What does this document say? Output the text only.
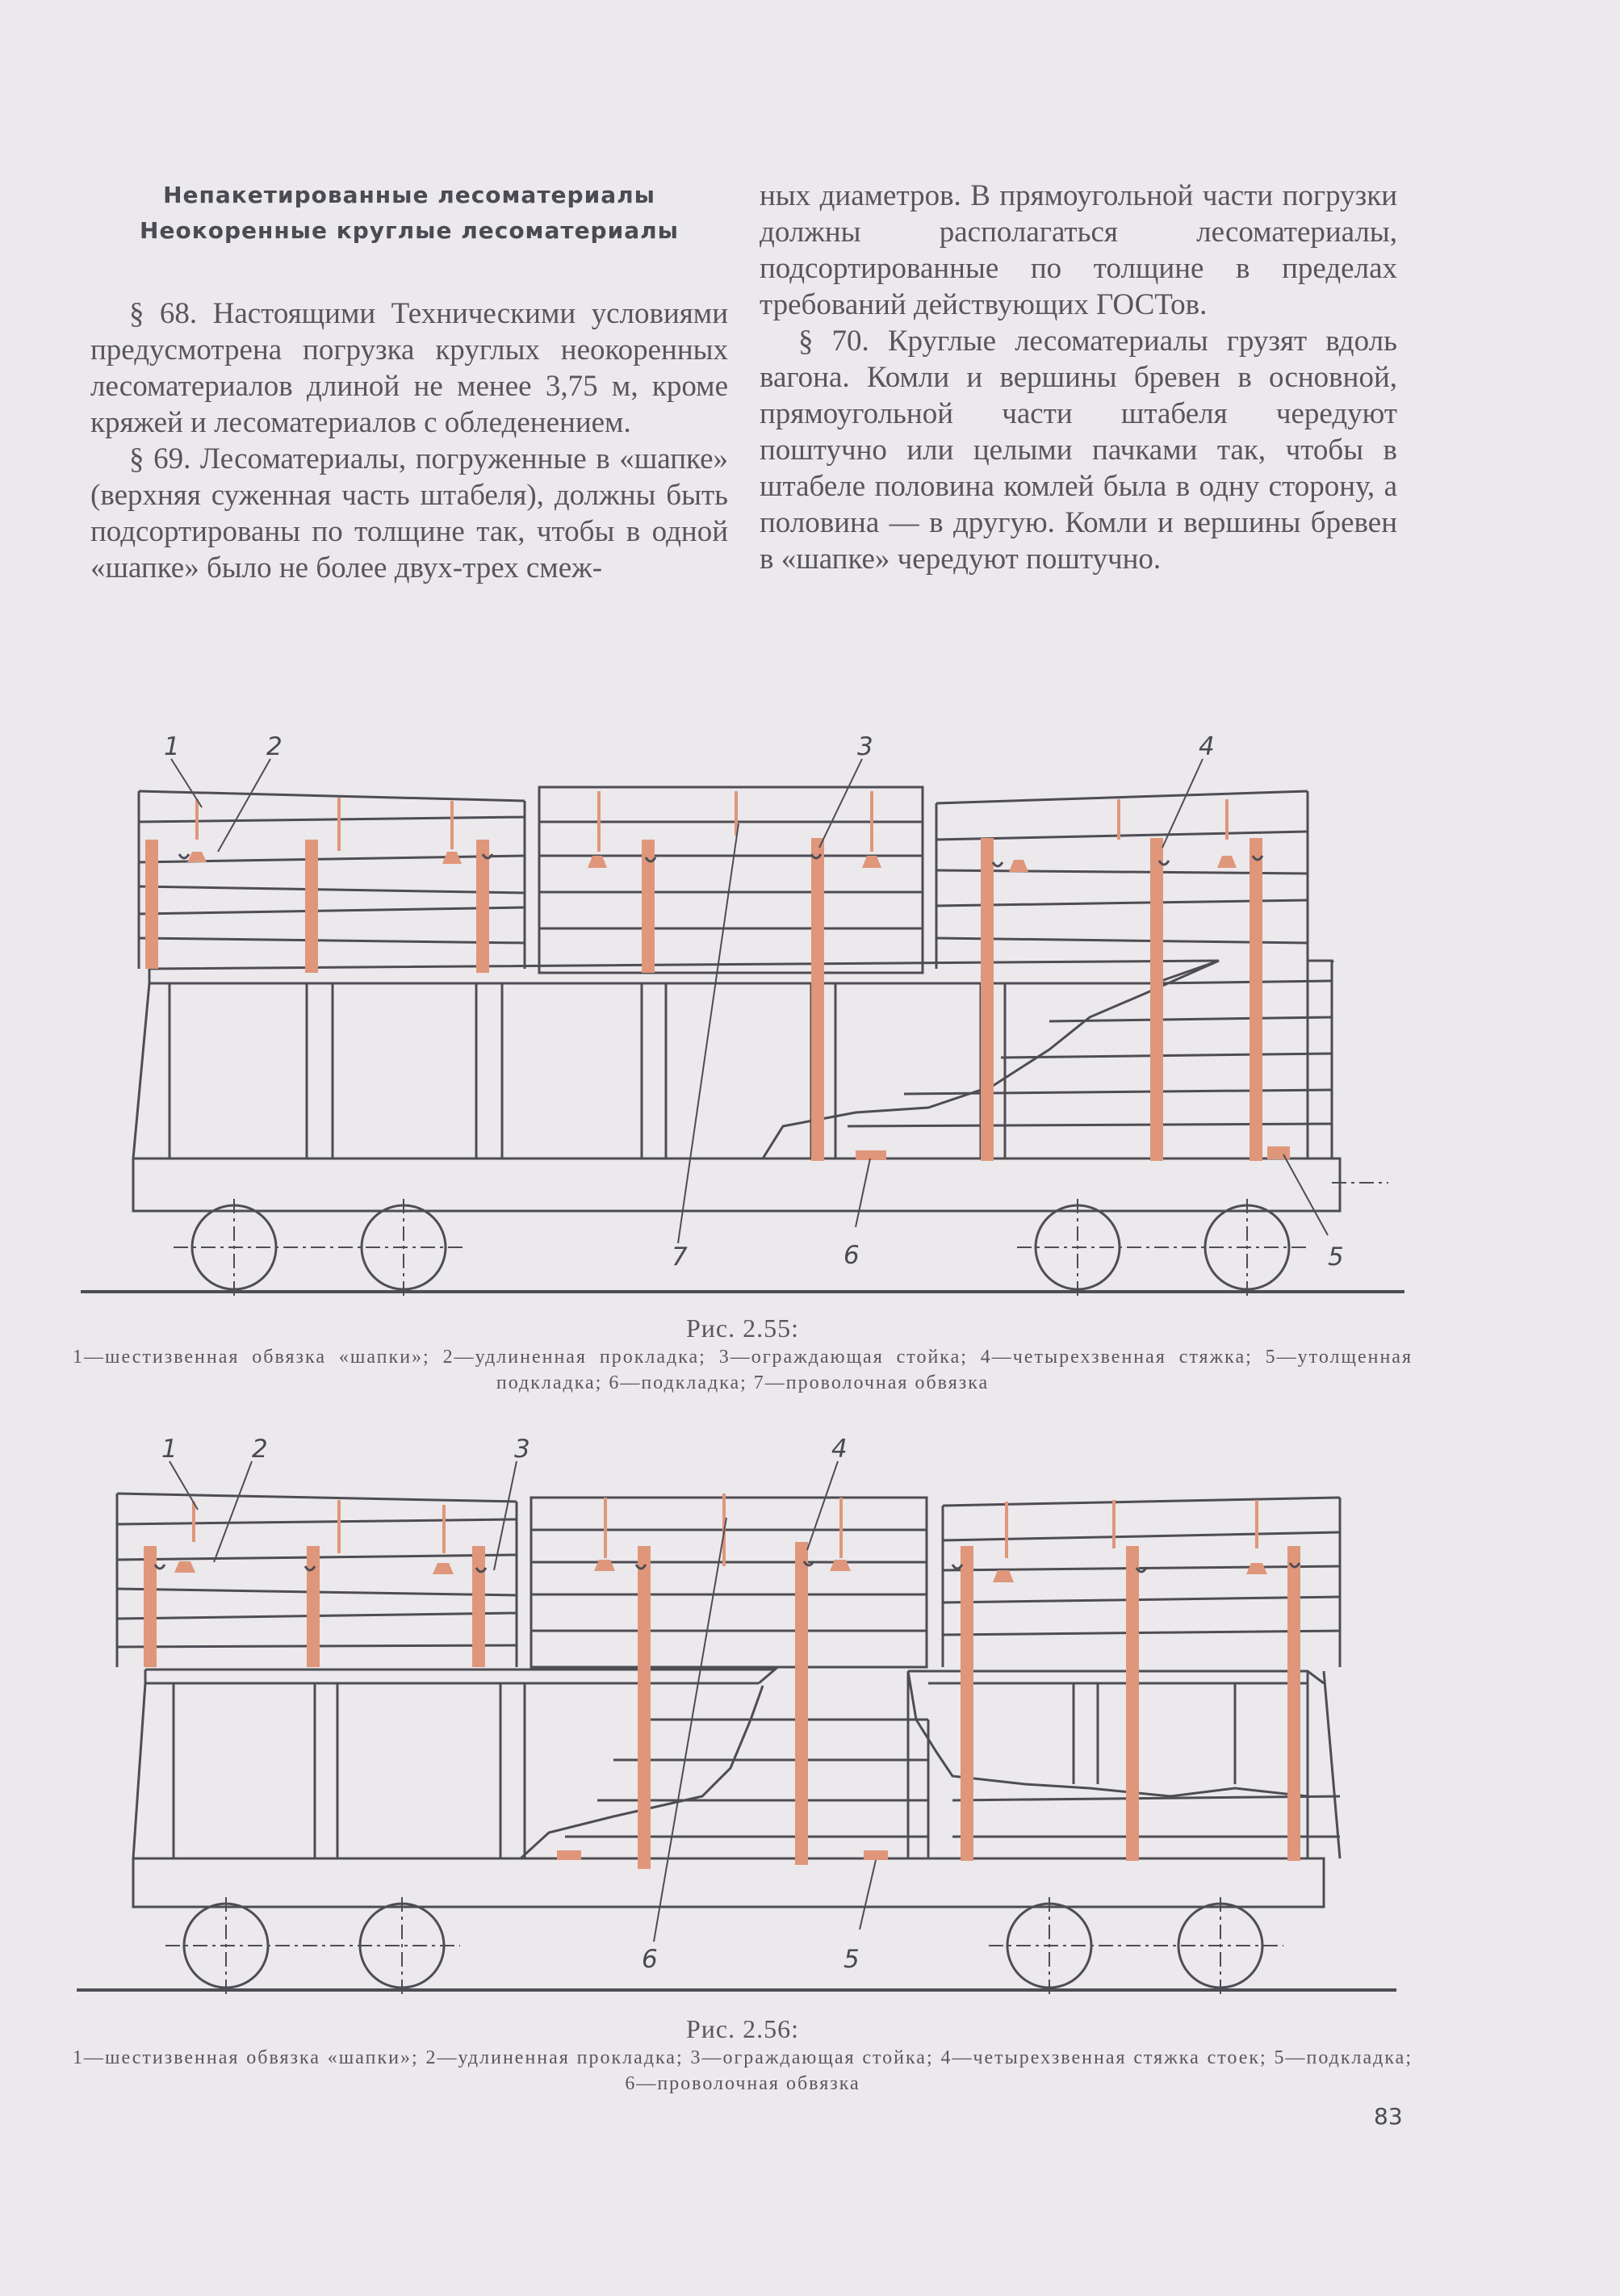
Непакетированные лесоматериалы
Неокоренные круглые лесоматериалы

§ 68. Настоящими Техническими условиями предусмотрена погрузка круглых неокоренных лесоматериалов длиной не менее 3,75 м, кроме кряжей и лесоматериалов с обледенением.

§ 69. Лесоматериалы, погруженные в «шапке» (верхняя суженная часть штабеля), должны быть подсортированы по толщине так, чтобы в одной «шапке» было не более двух-трех смеж-

ных диаметров. В прямоугольной части погрузки должны располагаться лесоматериалы, подсортированные по толщине в пределах требований действующих ГОСТов.

§ 70. Круглые лесоматериалы грузят вдоль вагона. Комли и вершины бревен в основной, прямоугольной части штабеля чередуют поштучно или целыми пачками так, чтобы в штабеле половина комлей была в одну сторону, а половина — в другую. Комли и вершины бревен в «шапке» чередуют поштучно.

1	2	3	4
5
6
7
Рис. 2.55:
1—шестизвенная обвязка «шапки»; 2—удлиненная прокладка; 3—ограждающая стойка; 4—четырехзвенная стяжка; 5—утолщенная подкладка; 6—подкладка; 7—проволочная обвязка
1	2	3	4
5
6
Рис. 2.56:
1—шестизвенная обвязка «шапки»; 2—удлиненная прокладка; 3—ограждающая стойка; 4—четырехзвенная стяжка стоек; 5—подкладка; 6—проволочная обвязка
83
